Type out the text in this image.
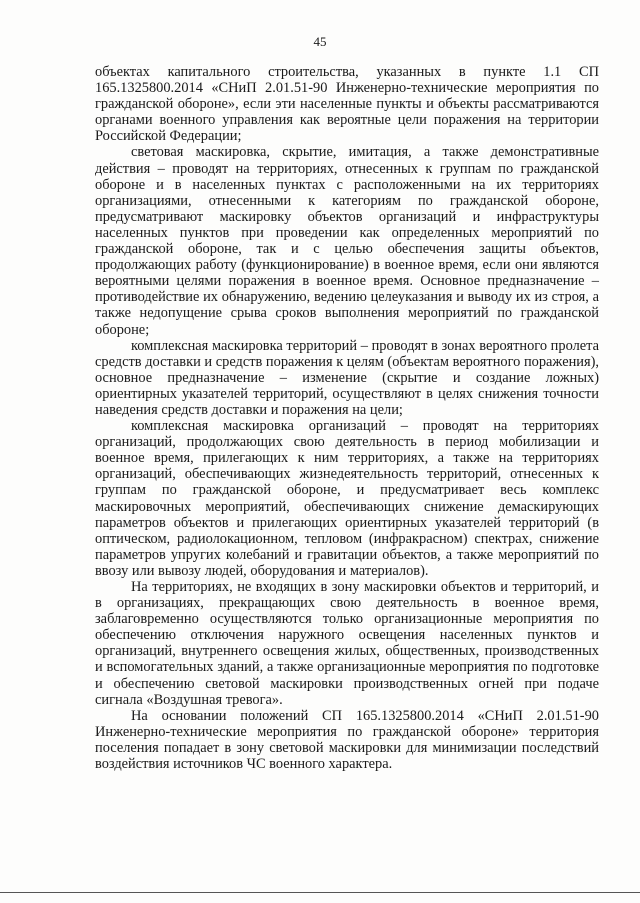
45

объектах капитального строительства, указанных в пункте 1.1 СП 165.1325800.2014 «СНиП 2.01.51-90 Инженерно-технические мероприятия по гражданской обороне», если эти населенные пункты и объекты рассматриваются органами военного управления как вероятные цели поражения на территории Российской Федерации;

световая маскировка, скрытие, имитация, а также демонстративные действия – проводят на территориях, отнесенных к группам по гражданской обороне и в населенных пунктах с расположенными на их территориях организациями, отнесенными к категориям по гражданской обороне, предусматривают маскировку объектов организаций и инфраструктуры населенных пунктов при проведении как определенных мероприятий по гражданской обороне, так и с целью обеспечения защиты объектов, продолжающих работу (функционирование) в военное время, если они являются вероятными целями поражения в военное время. Основное предназначение – противодействие их обнаружению, ведению целеуказания и выводу их из строя, а также недопущение срыва сроков выполнения мероприятий по гражданской обороне;

комплексная маскировка территорий – проводят в зонах вероятного пролета средств доставки и средств поражения к целям (объектам вероятного поражения), основное предназначение – изменение (скрытие и создание ложных) ориентирных указателей территорий, осуществляют в целях снижения точности наведения средств доставки и поражения на цели;

комплексная маскировка организаций – проводят на территориях организаций, продолжающих свою деятельность в период мобилизации и военное время, прилегающих к ним территориях, а также на территориях организаций, обеспечивающих жизнедеятельность территорий, отнесенных к группам по гражданской обороне, и предусматривает весь комплекс маскировочных мероприятий, обеспечивающих снижение демаскирующих параметров объектов и прилегающих ориентирных указателей территорий (в оптическом, радиолокационном, тепловом (инфракрасном) спектрах, снижение параметров упругих колебаний и гравитации объектов, а также мероприятий по ввозу или вывозу людей, оборудования и материалов).

На территориях, не входящих в зону маскировки объектов и территорий, и в организациях, прекращающих свою деятельность в военное время, заблаговременно осуществляются только организационные мероприятия по обеспечению отключения наружного освещения населенных пунктов и организаций, внутреннего освещения жилых, общественных, производственных и вспомогательных зданий, а также организационные мероприятия по подготовке и обеспечению световой маскировки производственных огней при подаче сигнала «Воздушная тревога».

На основании положений СП 165.1325800.2014 «СНиП 2.01.51-90 Инженерно-технические мероприятия по гражданской обороне» территория поселения попадает в зону световой маскировки для минимизации последствий воздействия источников ЧС военного характера.
